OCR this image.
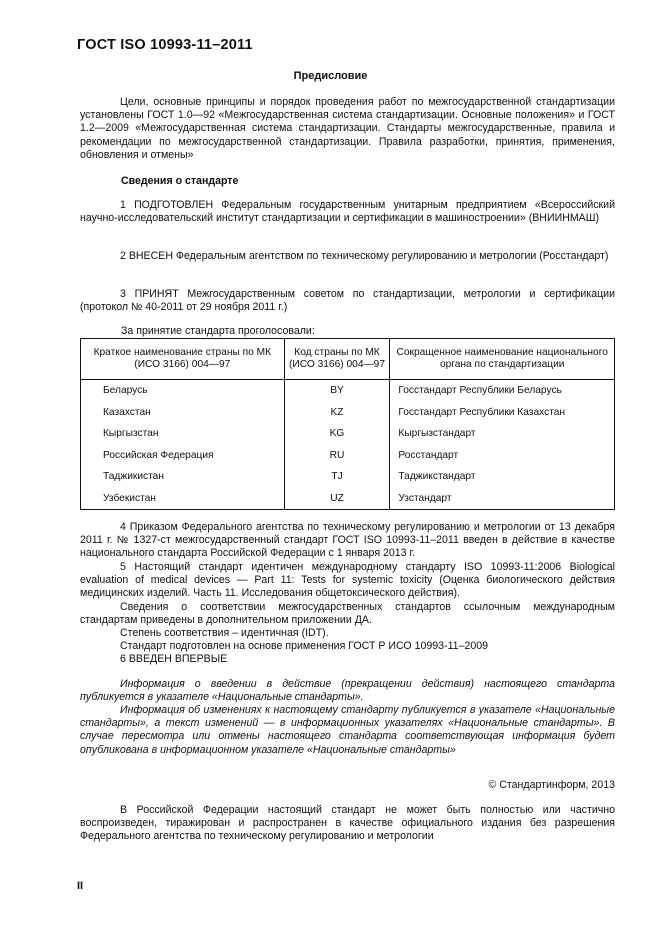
ГОСТ ISO 10993-11–2011
Предисловие

Цели, основные принципы и порядок проведения работ по межгосударственной стандартизации установлены ГОСТ 1.0—92 «Межгосударственная система стандартизации. Основные положения» и ГОСТ 1.2—2009 «Межгосударственная система стандартизации. Стандарты межгосударственные, правила и рекомендации по межгосударственной стандартизации. Правила разработки, принятия, применения, обновления и отмены»

Сведения о стандарте

1 ПОДГОТОВЛЕН Федеральным государственным унитарным предприятием «Всероссийский научно-исследовательский институт стандартизации и сертификации в машиностроении» (ВНИИНМАШ)

2 ВНЕСЕН Федеральным агентством по техническому регулированию и метрологии (Росстандарт)

3 ПРИНЯТ Межгосударственным советом по стандартизации, метрологии и сертификации (протокол № 40-2011 от 29 ноября 2011 г.)

За принятие стандарта проголосовали:
Краткое наименование страны по МК (ИСО 3166) 004—97	Код страны по МК (ИСО 3166) 004—97	Сокращенное наименование национального органа по стандартизации
Беларусь	BY	Госстандарт Республики Беларусь
Казахстан	KZ	Госстандарт Республики Казахстан
Кыргызстан	KG	Кыргызстандарт
Российская Федерация	RU	Росстандарт
Таджикистан	TJ	Таджикстандарт
Узбекистан	UZ	Узстандарт

4 Приказом Федерального агентства по техническому регулированию и метрологии от 13 декабря 2011 г. № 1327-ст межгосударственный стандарт ГОСТ ISO 10993-11–2011 введен в действие в качестве национального стандарта Российской Федерации с 1 января 2013 г.

5 Настоящий стандарт идентичен международному стандарту ISO 10993-11:2006 Biological evaluation of medical devices — Part 11: Tests for systemic toxicity (Оценка биологического действия медицинских изделий. Часть 11. Исследования общетоксического действия).

Сведения о соответствии межгосударственных стандартов ссылочным международным стандартам приведены в дополнительном приложении ДА.

Степень соответствия – идентичная (IDT).

Стандарт подготовлен на основе применения ГОСТ Р ИСО 10993-11–2009

6 ВВЕДЕН ВПЕРВЫЕ

Информация о введении в действие (прекращении действия) настоящего стандарта публикуется в указателе «Национальные стандарты».

Информация об изменениях к настоящему стандарту публикуется в указателе «Национальные стандарты», а текст изменений — в информационных указателях «Национальные стандарты». В случае пересмотра или отмены настоящего стандарта соответствующая информация будет опубликована в информационном указателе «Национальные стандарты»

© Стандартинформ, 2013

В Российской Федерации настоящий стандарт не может быть полностью или частично воспроизведен, тиражирован и распространен в качестве официального издания без разрешения Федерального агентства по техническому регулированию и метрологии

II
